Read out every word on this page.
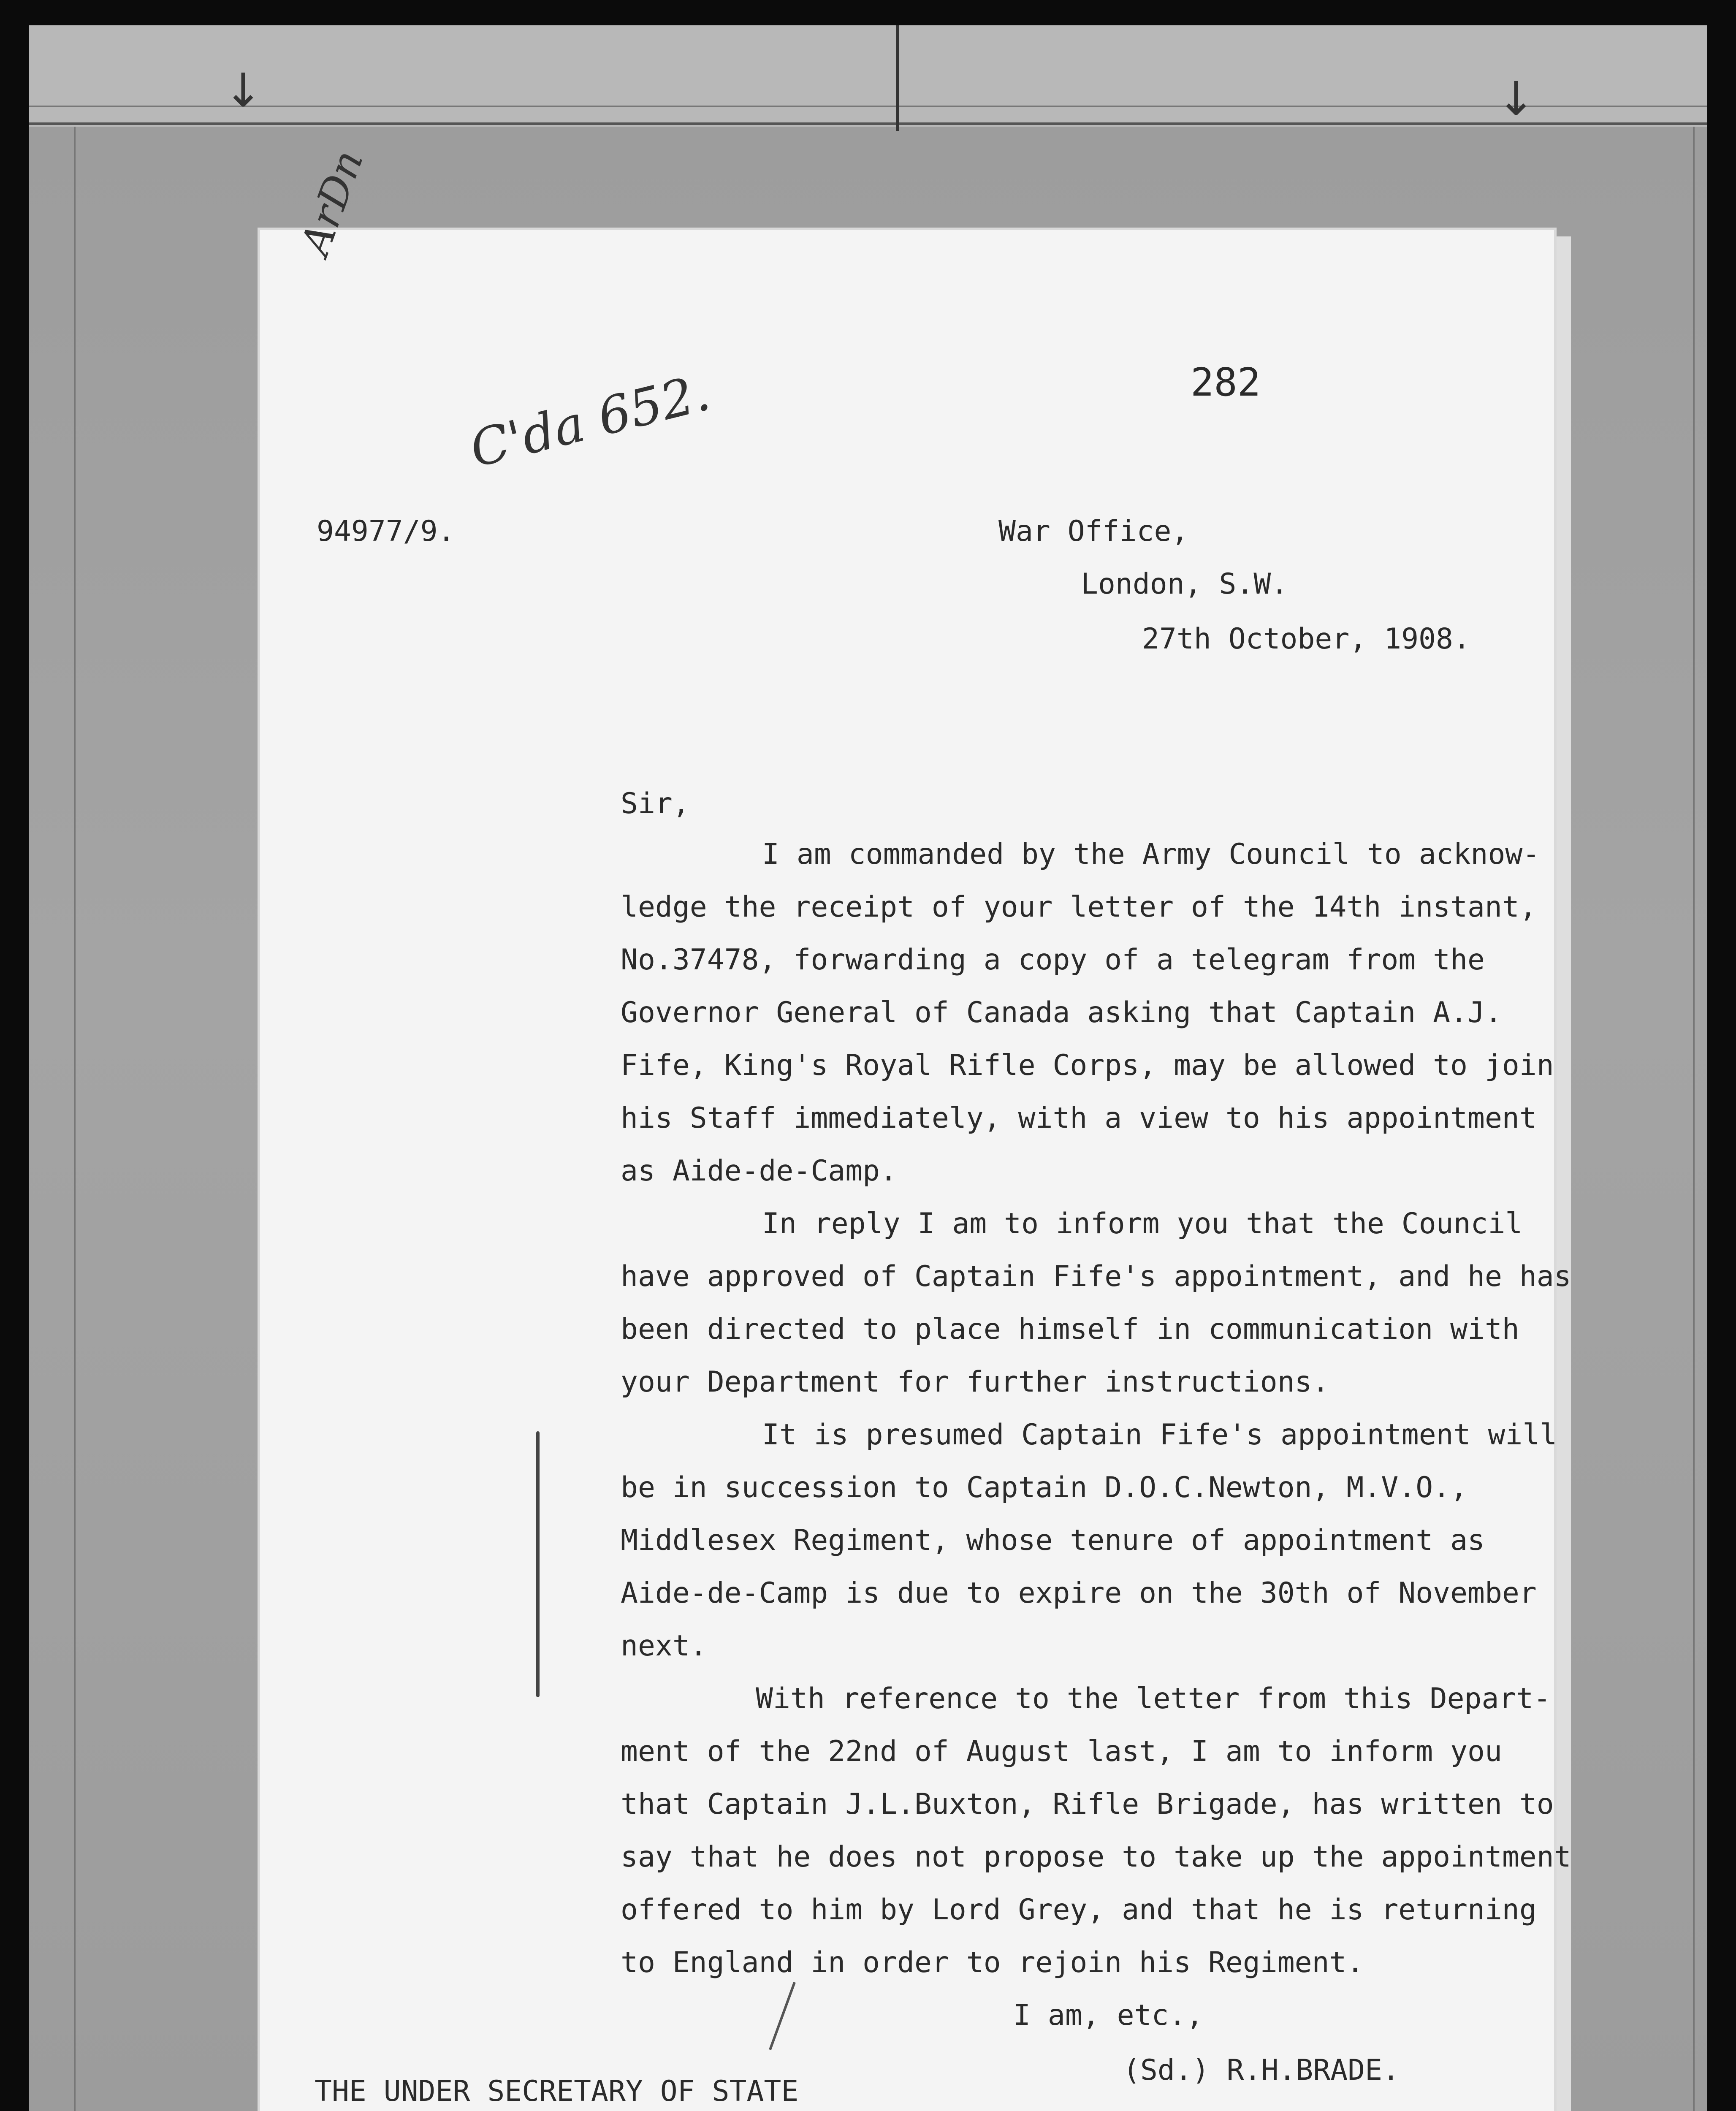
↓	↓
ArDn
C'da 652.	282
94977/9.	War Office,
London, S.W.
27th October, 1908.
Sir,
I am commanded by the Army Council to acknow-
ledge the receipt of your letter of the 14th instant,
No.37478, forwarding a copy of a telegram from the
Governor General of Canada asking that Captain A.J.
Fife, King's Royal Rifle Corps, may be allowed to join
his Staff immediately, with a view to his appointment
as Aide-de-Camp.
In reply I am to inform you that the Council
have approved of Captain Fife's appointment, and he has
been directed to place himself in communication with
your Department for further instructions.
It is presumed Captain Fife's appointment will
be in succession to Captain D.O.C.Newton, M.V.O.,
Middlesex Regiment, whose tenure of appointment as
Aide-de-Camp is due to expire on the 30th of November
next.
With reference to the letter from this Depart-
ment of the 22nd of August last, I am to inform you
that Captain J.L.Buxton, Rifle Brigade, has written to
say that he does not propose to take up the appointment
offered to him by Lord Grey, and that he is returning
to England in order to rejoin his Regiment.
I am, etc.,
(Sd.) R.H.BRADE.
THE UNDER SECRETARY OF STATE
